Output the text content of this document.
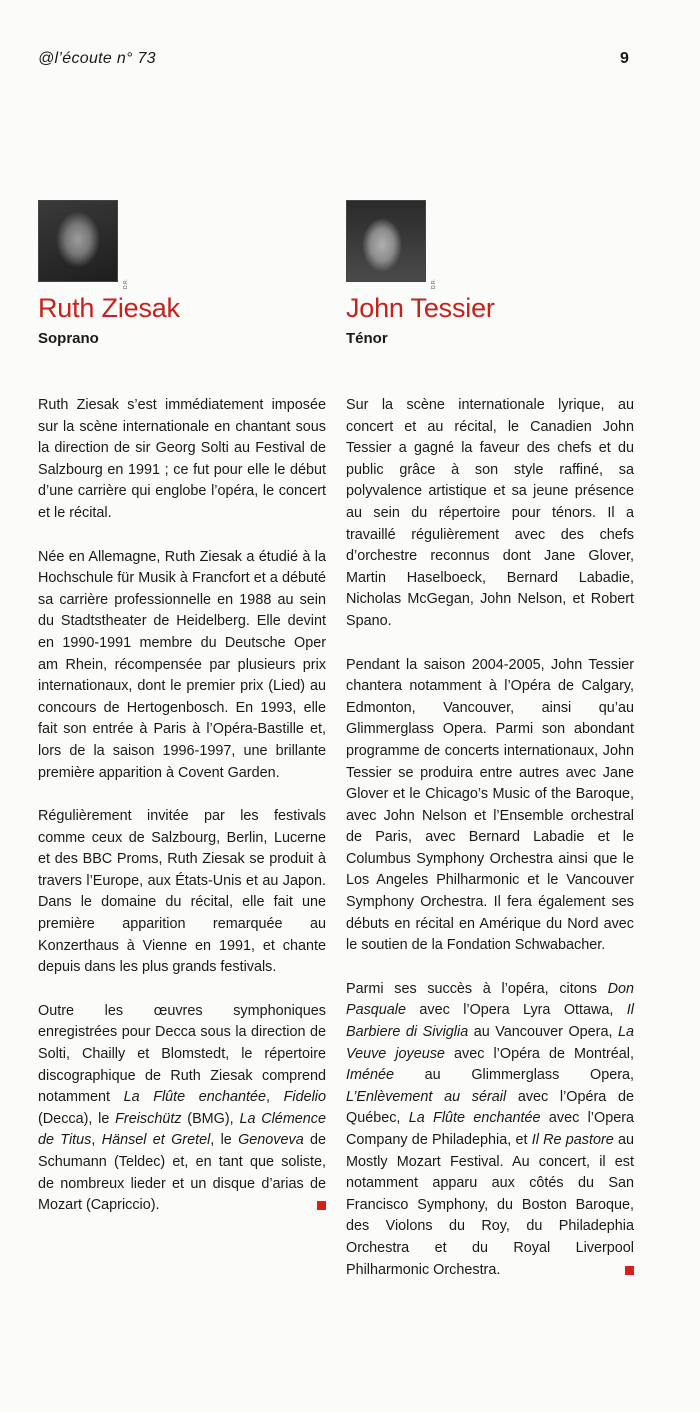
@l’écoute n° 73	9
D.R.
Ruth Ziesak
Soprano
D.R.
John Tessier
Ténor

Ruth Ziesak s’est immédiatement imposée sur la scène internationale en chantant sous la direction de sir Georg Solti au Festival de Salzbourg en 1991 ; ce fut pour elle le début d’une carrière qui englobe l’opéra, le concert et le récital.

Née en Allemagne, Ruth Ziesak a étudié à la Hochschule für Musik à Francfort et a débuté sa carrière professionnelle en 1988 au sein du Stadtstheater de Heidelberg. Elle devint en 1990-1991 membre du Deutsche Oper am Rhein, récompensée par plusieurs prix internationaux, dont le premier prix (Lied) au concours de Hertogenbosch. En 1993, elle fait son entrée à Paris à l’Opéra-Bastille et, lors de la saison 1996-1997, une brillante première apparition à Covent Garden.

Régulièrement invitée par les festivals comme ceux de Salzbourg, Berlin, Lucerne et des BBC Proms, Ruth Ziesak se produit à travers l’Europe, aux États-Unis et au Japon. Dans le domaine du récital, elle fait une première apparition remarquée au Konzerthaus à Vienne en 1991, et chante depuis dans les plus grands festivals.

Outre les œuvres symphoniques enregistrées pour Decca sous la direction de Solti, Chailly et Blomstedt, le répertoire discographique de Ruth Ziesak comprend notamment La Flûte enchantée, Fidelio (Decca), le Freischütz (BMG), La Clémence de Titus, Hänsel et Gretel, le Genoveva de Schumann (Teldec) et, en tant que soliste, de nombreux lieder et un disque d’arias de Mozart (Capriccio).

Sur la scène internationale lyrique, au concert et au récital, le Canadien John Tessier a gagné la faveur des chefs et du public grâce à son style raffiné, sa polyvalence artistique et sa jeune présence au sein du répertoire pour ténors. Il a travaillé régulièrement avec des chefs d’orchestre reconnus dont Jane Glover, Martin Haselboeck, Bernard Labadie, Nicholas McGegan, John Nelson, et Robert Spano.

Pendant la saison 2004-2005, John Tessier chantera notamment à l’Opéra de Calgary, Edmonton, Vancouver, ainsi qu’au Glimmerglass Opera. Parmi son abondant programme de concerts internationaux, John Tessier se produira entre autres avec Jane Glover et le Chicago’s Music of the Baroque, avec John Nelson et l’Ensemble orchestral de Paris, avec Bernard Labadie et le Columbus Symphony Orchestra ainsi que le Los Angeles Philharmonic et le Vancouver Symphony Orchestra. Il fera également ses débuts en récital en Amérique du Nord avec le soutien de la Fondation Schwabacher.

Parmi ses succès à l’opéra, citons Don Pasquale avec l’Opera Lyra Ottawa, Il Barbiere di Siviglia au Vancouver Opera, La Veuve joyeuse avec l’Opéra de Montréal, Iménée au Glimmerglass Opera, L’Enlèvement au sérail avec l’Opéra de Québec, La Flûte enchantée avec l’Opera Company de Philadephia, et Il Re pastore au Mostly Mozart Festival. Au concert, il est notamment apparu aux côtés du San Francisco Symphony, du Boston Baroque, des Violons du Roy, du Philadephia Orchestra et du Royal Liverpool Philharmonic Orchestra.
